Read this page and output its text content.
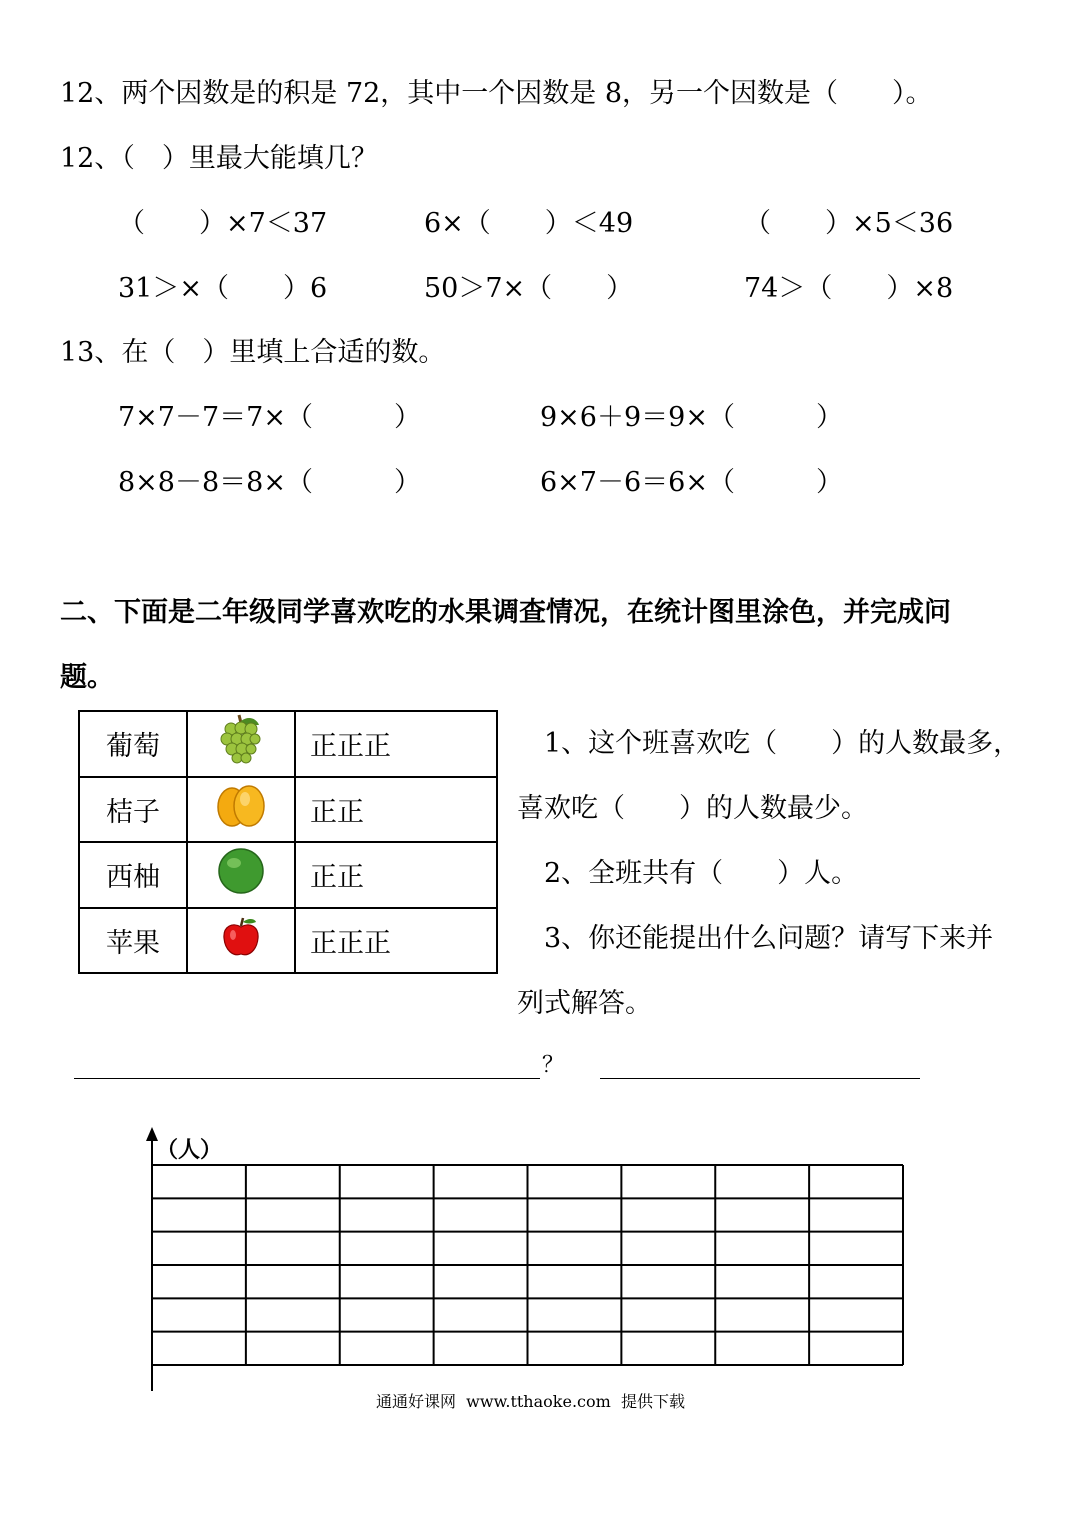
12、两个因数是的积是 72，其中一个因数是 8，另一个因数是（　　）。
12、（　）里最大能填几？
（　　）×7＜37	6×（　　）＜49	（　　）×5＜36
31＞×（　　）6	50＞7×（　　）	74＞（　　）×8
13、在（　）里填上合适的数。
7×7－7＝7×（　　　）	9×6＋9＝9×（　　　）
8×8－8＝8×（　　　）	6×7－6＝6×（　　　）
二、下面是二年级同学喜欢吃的水果调查情况，在统计图里涂色，并完成问
题。
葡萄		正正正
桔子		正正
西柚		正正
苹果		正正正
1、这个班喜欢吃（　　）的人数最多，
喜欢吃（　　）的人数最少。
2、全班共有（　　）人。
3、你还能提出什么问题？请写下来并
列式解答。
？
（人）
通通好课网  www.tthaoke.com  提供下载
